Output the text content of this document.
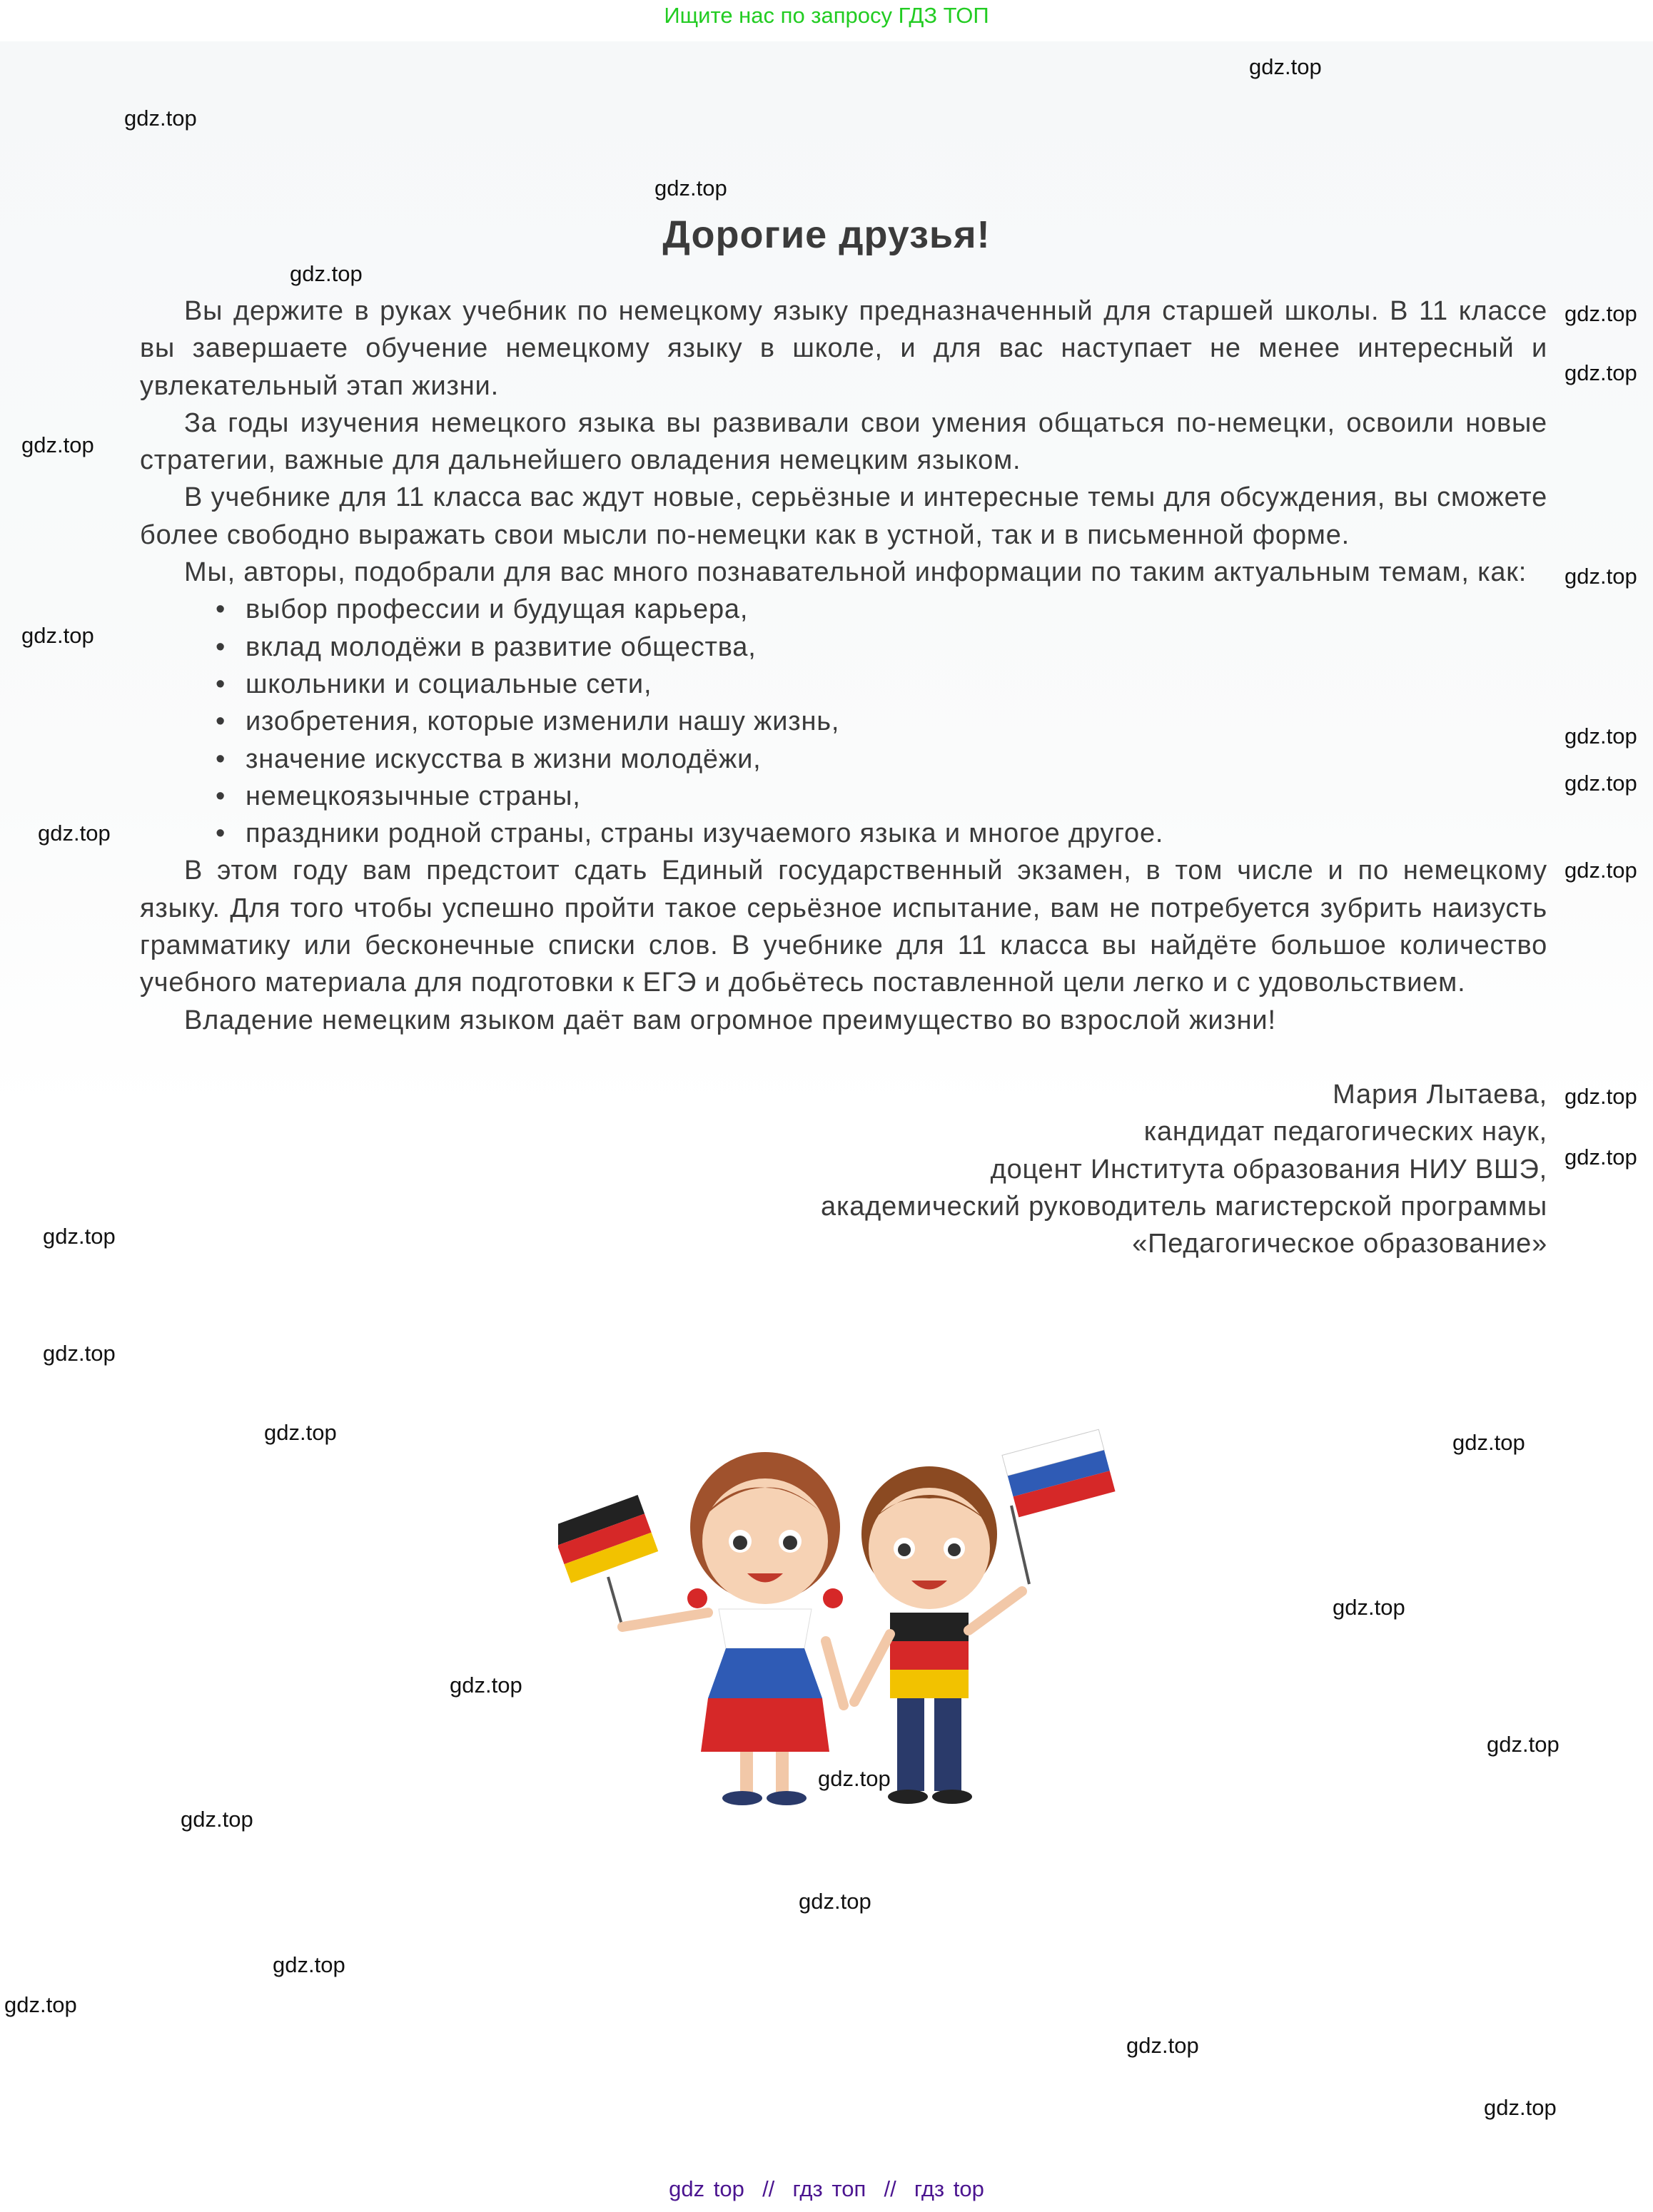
Ищите нас по запросу ГДЗ ТОП
Дорогие друзья!

Вы держите в руках учебник по немецкому языку предназначенный для старшей школы. В 11 классе вы завершаете обучение немецкому языку в школе, и для вас наступает не менее интересный и увлекательный этап жизни.

За годы изучения немецкого языка вы развивали свои умения общаться по-немецки, освоили новые стратегии, важные для дальнейшего овладения немецким языком.

В учебнике для 11 класса вас ждут новые, серьёзные и интересные темы для обсуждения, вы сможете более свободно выражать свои мысли по-немецки как в устной, так и в письменной форме.

Мы, авторы, подобрали для вас много познавательной информации по таким актуальным темам, как:

• выбор профессии и будущая карьера,
• вклад молодёжи в развитие общества,
• школьники и социальные сети,
• изобретения, которые изменили нашу жизнь,
• значение искусства в жизни молодёжи,
• немецкоязычные страны,
• праздники родной страны, страны изучаемого языка и многое другое.

В этом году вам предстоит сдать Единый государственный экзамен, в том числе и по немецкому языку. Для того чтобы успешно пройти такое серьёзное испытание, вам не потребуется зубрить наизусть грамматику или бесконечные списки слов. В учебнике для 11 класса вы найдёте большое количество учебного материала для подготовки к ЕГЭ и добьётесь поставленной цели легко и с удовольствием.

Владение немецким языком даёт вам огромное преимущество во взрослой жизни!

Мария Лытаева,
кандидат педагогических наук,
доцент Института образования НИУ ВШЭ,
академический руководитель магистерской программы
«Педагогическое образование»
gdz.top
gdz.top
gdz.top
gdz.top
gdz.top
gdz.top
gdz.top
gdz.top
gdz.top
gdz.top
gdz.top
gdz.top
gdz.top
gdz.top
gdz.top
gdz.top
gdz.top
gdz.top	gdz.top
gdz.top
gdz.top
gdz.top
gdz.top
gdz.top
gdz.top
gdz.top
gdz.top
gdz.top
gdz.top
gdz top  //  гдз топ  //  гдз top
